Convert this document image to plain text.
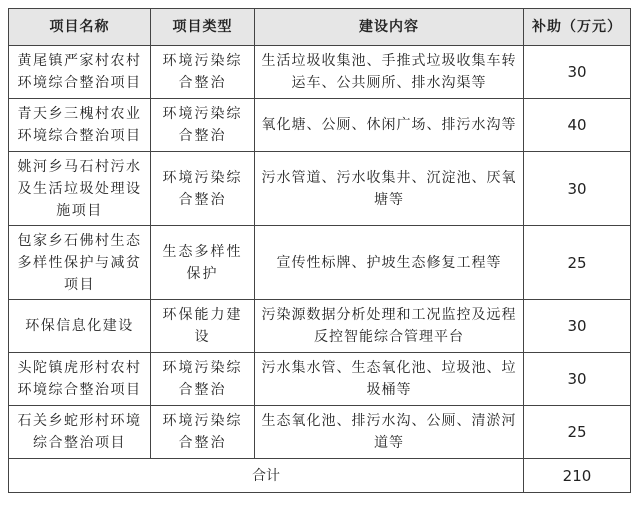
项目名称	项目类型	建设内容	补助（万元）
黄尾镇严家村农村环境综合整治项目	环境污染综合整治	生活垃圾收集池、手推式垃圾收集车转运车、公共厕所、排水沟渠等	30
青天乡三槐村农业环境综合整治项目	环境污染综合整治	氧化塘、公厕、休闲广场、排污水沟等	40
姚河乡马石村污水及生活垃圾处理设施项目	环境污染综合整治	污水管道、污水收集井、沉淀池、厌氧塘等	30
包家乡石佛村生态多样性保护与减贫项目	生态多样性保护	宣传性标牌、护坡生态修复工程等	25
环保信息化建设	环保能力建设	污染源数据分析处理和工况监控及远程反控智能综合管理平台	30
头陀镇虎形村农村环境综合整治项目	环境污染综合整治	污水集水管、生态氧化池、垃圾池、垃圾桶等	30
石关乡蛇形村环境综合整治项目	环境污染综合整治	生态氧化池、排污水沟、公厕、清淤河道等	25
合计			210
